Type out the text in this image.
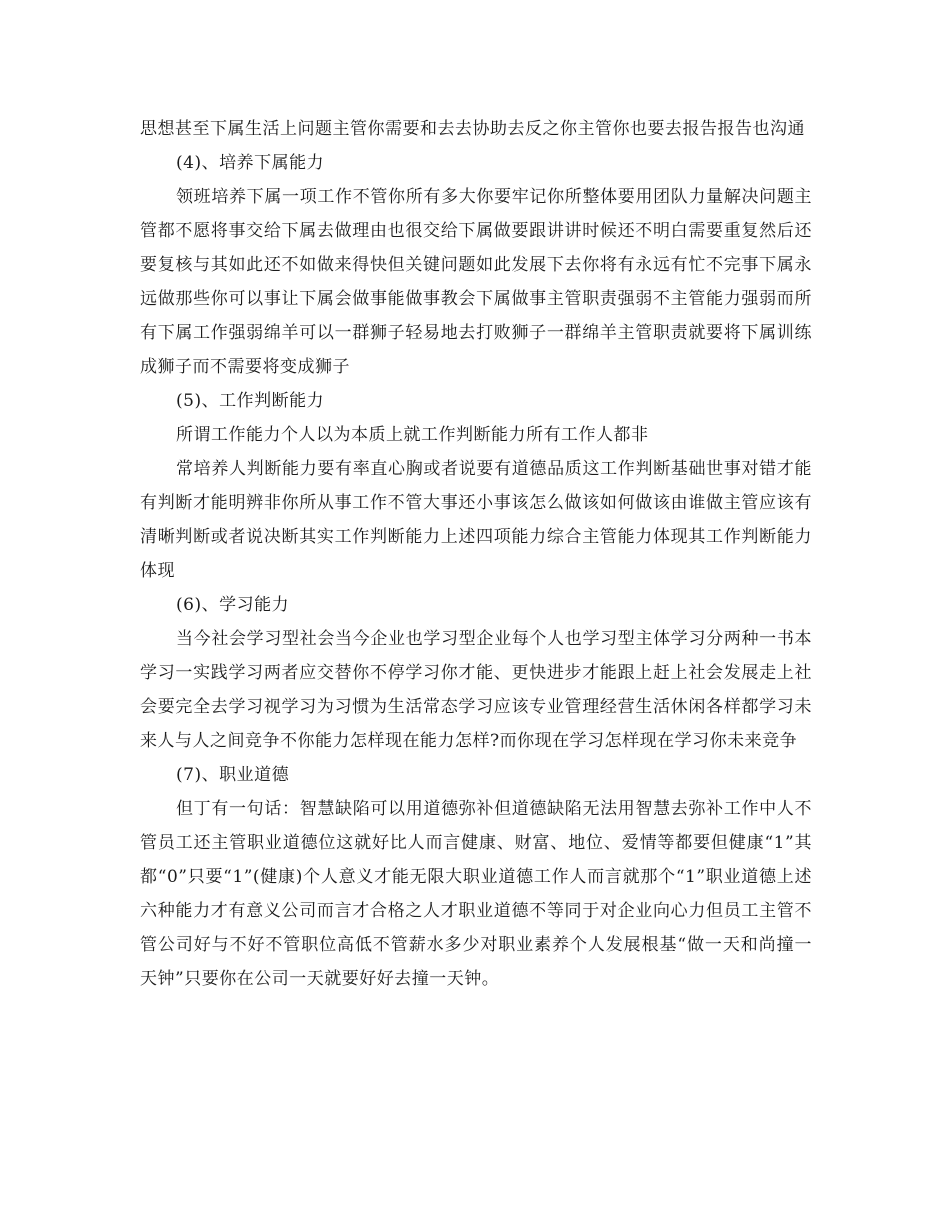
思想甚至下属生活上问题主管你需要和去去协助去反之你主管你也要去报告报告也沟通

(4)、培养下属能力

领班培养下属一项工作不管你所有多大你要牢记你所整体要用团队力量解决问题主管都不愿将事交给下属去做理由也很交给下属做要跟讲讲时候还不明白需要重复然后还要复核与其如此还不如做来得快但关键问题如此发展下去你将有永远有忙不完事下属永远做那些你可以事让下属会做事能做事教会下属做事主管职责强弱不主管能力强弱而所有下属工作强弱绵羊可以一群狮子轻易地去打败狮子一群绵羊主管职责就要将下属训练成狮子而不需要将变成狮子

(5)、工作判断能力

所谓工作能力个人以为本质上就工作判断能力所有工作人都非

常培养人判断能力要有率直心胸或者说要有道德品质这工作判断基础世事对错才能有判断才能明辨非你所从事工作不管大事还小事该怎么做该如何做该由谁做主管应该有清晰判断或者说决断其实工作判断能力上述四项能力综合主管能力体现其工作判断能力体现

(6)、学习能力

当今社会学习型社会当今企业也学习型企业每个人也学习型主体学习分两种一书本学习一实践学习两者应交替你不停学习你才能、更快进步才能跟上赶上社会发展走上社会要完全去学习视学习为习惯为生活常态学习应该专业管理经营生活休闲各样都学习未来人与人之间竞争不你能力怎样现在能力怎样?而你现在学习怎样现在学习你未来竞争

(7)、职业道德

但丁有一句话：智慧缺陷可以用道德弥补但道德缺陷无法用智慧去弥补工作中人不管员工还主管职业道德位这就好比人而言健康、财富、地位、爱情等都要但健康“1”其都“0”只要“1”(健康)个人意义才能无限大职业道德工作人而言就那个“1”职业道德上述六种能力才有意义公司而言才合格之人才职业道德不等同于对企业向心力但员工主管不管公司好与不好不管职位高低不管薪水多少对职业素养个人发展根基“做一天和尚撞一天钟”只要你在公司一天就要好好去撞一天钟。
